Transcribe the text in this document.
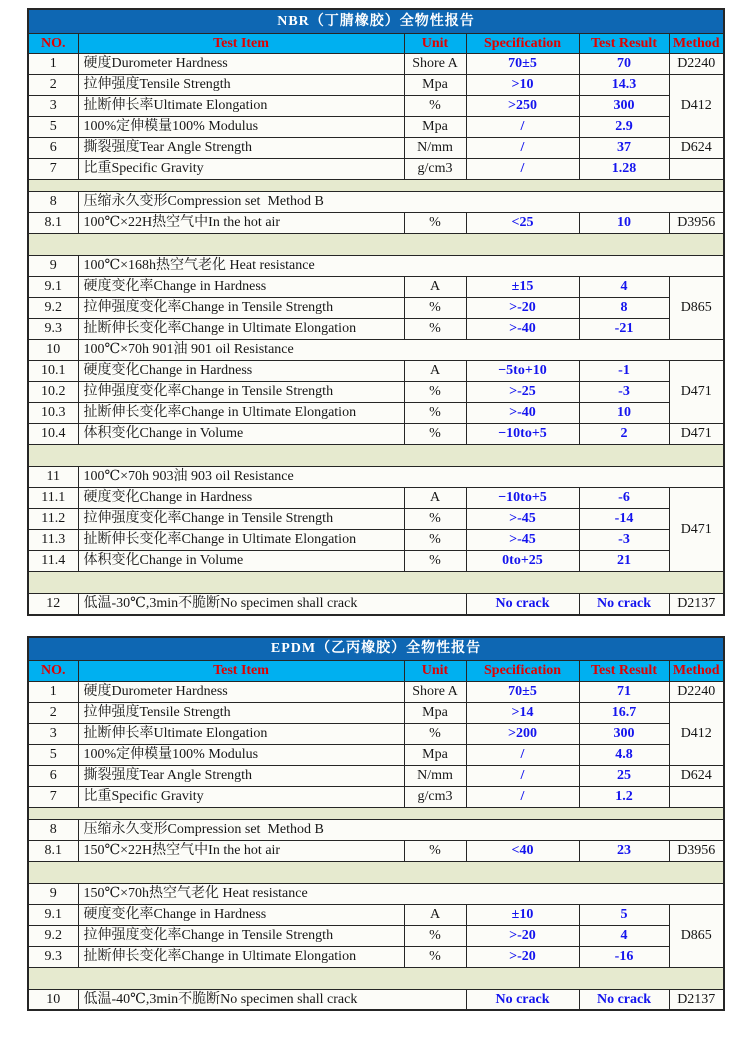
NBR（丁腈橡胶）全物性报告					
NO.	Test Item	Unit	Specification	Test Result	Method
1	硬度Durometer Hardness	Shore A	70±5	70	D2240
2	拉伸强度Tensile Strength	Mpa	>10	14.3	D412
3	扯断伸长率Ultimate Elongation	%	>250	300	
5	100%定伸模量100% Modulus	Mpa	/	2.9	
6	撕裂强度Tear Angle Strength	N/mm	/	37	D624
7	比重Specific Gravity	g/cm3	/	1.28	

8	压缩永久变形Compression set  Method B				
8.1	100℃×22H热空气中In the hot air	%	<25	10	D3956

9	100℃×168h热空气老化 Heat resistance				
9.1	硬度变化率Change in Hardness	A	±15	4	D865
9.2	拉伸强度变化率Change in Tensile Strength	%	>-20	8	
9.3	扯断伸长变化率Change in Ultimate Elongation	%	>-40	-21	
10	100℃×70h 901油 901 oil Resistance				
10.1	硬度变化Change in Hardness	A	−5to+10	-1	D471
10.2	拉伸强度变化率Change in Tensile Strength	%	>-25	-3	
10.3	扯断伸长变化率Change in Ultimate Elongation	%	>-40	10	
10.4	体积变化Change in Volume	%	−10to+5	2	D471

11	100℃×70h 903油 903 oil Resistance				
11.1	硬度变化Change in Hardness	A	−10to+5	-6	D471
11.2	拉伸强度变化率Change in Tensile Strength	%	>-45	-14	
11.3	扯断伸长变化率Change in Ultimate Elongation	%	>-45	-3	
11.4	体积变化Change in Volume	%	0to+25	21	

12	低温-30℃,3min不脆断No specimen shall crack		No crack	No crack	D2137
EPDM（乙丙橡胶）全物性报告					
NO.	Test Item	Unit	Specification	Test Result	Method
1	硬度Durometer Hardness	Shore A	70±5	71	D2240
2	拉伸强度Tensile Strength	Mpa	>14	16.7	D412
3	扯断伸长率Ultimate Elongation	%	>200	300	
5	100%定伸模量100% Modulus	Mpa	/	4.8	
6	撕裂强度Tear Angle Strength	N/mm	/	25	D624
7	比重Specific Gravity	g/cm3	/	1.2	

8	压缩永久变形Compression set  Method B				
8.1	150℃×22H热空气中In the hot air	%	<40	23	D3956

9	150℃×70h热空气老化 Heat resistance				
9.1	硬度变化率Change in Hardness	A	±10	5	D865
9.2	拉伸强度变化率Change in Tensile Strength	%	>-20	4	
9.3	扯断伸长变化率Change in Ultimate Elongation	%	>-20	-16	

10	低温-40℃,3min不脆断No specimen shall crack		No crack	No crack	D2137
